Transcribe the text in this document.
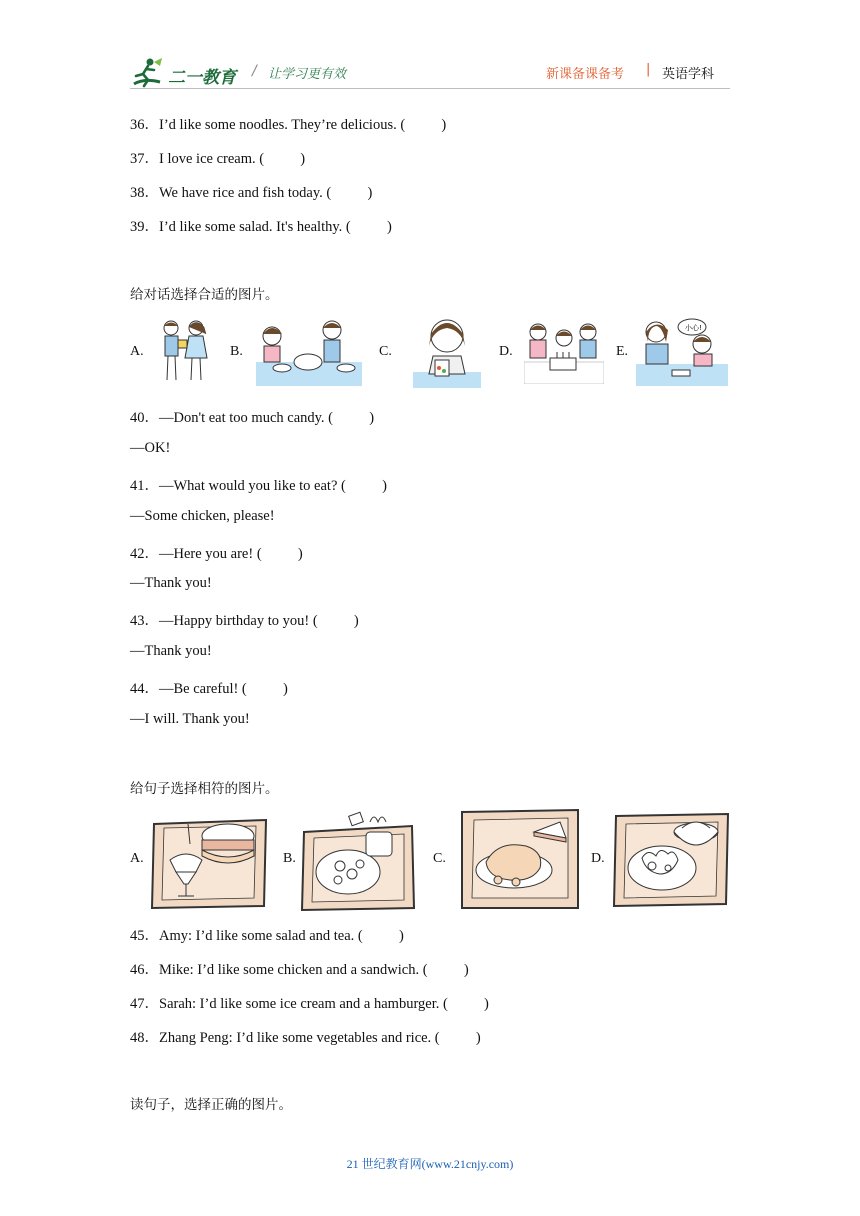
二一教育 / 让学习更有效	新课备课备考 | 英语学科
36．I’d like some noodles. They’re delicious. (          )
37．I love ice cream. (          )
38．We have rice and fish today. (          )
39．I’d like some salad. It's healthy. (          )
给对话选择合适的图片。
A.	B.	C.	D.	E.
小心!
40．—Don't eat too much candy. (          )
—OK!
41．—What would you like to eat? (          )
—Some chicken, please!
42．—Here you are! (          )
—Thank you!
43．—Happy birthday to you! (          )
—Thank you!
44．—Be careful! (          )
—I will. Thank you!
给句子选择相符的图片。
A.	B.	C.	D.
45．Amy: I’d like some salad and tea. (          )
46．Mike: I’d like some chicken and a sandwich. (          )
47．Sarah: I’d like some ice cream and a hamburger. (          )
48．Zhang Peng: I’d like some vegetables and rice. (          )
读句子，选择正确的图片。
21 世纪教育网(www.21cnjy.com)
